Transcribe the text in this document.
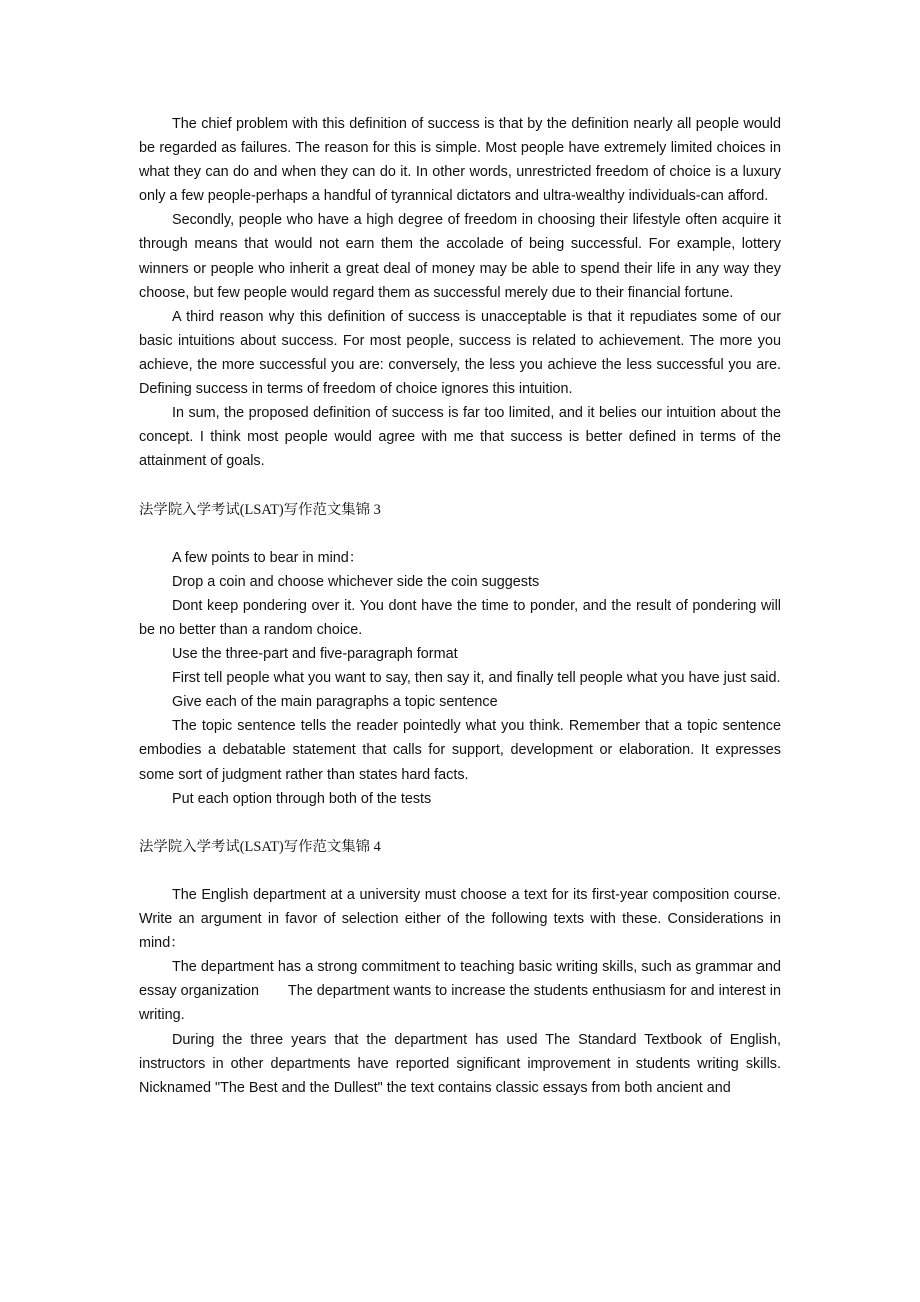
The chief problem with this definition of success is that by the definition nearly all people would be regarded as failures. The reason for this is simple. Most people have extremely limited choices in what they can do and when they can do it. In other words, unrestricted freedom of choice is a luxury only a few people-perhaps a handful of tyrannical dictators and ultra-wealthy individuals-can afford.

Secondly, people who have a high degree of freedom in choosing their lifestyle often acquire it through means that would not earn them the accolade of being successful. For example, lottery winners or people who inherit a great deal of money may be able to spend their life in any way they choose, but few people would regard them as successful merely due to their financial fortune.

A third reason why this definition of success is unacceptable is that it repudiates some of our basic intuitions about success. For most people, success is related to achievement. The more you achieve, the more successful you are: conversely, the less you achieve the less successful you are. Defining success in terms of freedom of choice ignores this intuition.

In sum, the proposed definition of success is far too limited, and it belies our intuition about the concept. I think most people would agree with me that success is better defined in terms of the attainment of goals.

法学院入学考试(LSAT)写作范文集锦 3

A few points to bear in mind：

Drop a coin and choose whichever side the coin suggests

Dont keep pondering over it. You dont have the time to ponder, and the result of pondering will be no better than a random choice.

Use the three-part and five-paragraph format

First tell people what you want to say, then say it, and finally tell people what you have just said.

Give each of the main paragraphs a topic sentence

The topic sentence tells the reader pointedly what you think. Remember that a topic sentence embodies a debatable statement that calls for support, development or elaboration. It expresses some sort of judgment rather than states hard facts.

Put each option through both of the tests

法学院入学考试(LSAT)写作范文集锦 4

The English department at a university must choose a text for its first-year composition course. Write an argument in favor of selection either of the following texts with these. Considerations in mind：

The department has a strong commitment to teaching basic writing skills, such as grammar and essay organization　　The department wants to increase the students enthusiasm for and interest in writing.

During the three years that the department has used The Standard Textbook of English, instructors in other departments have reported significant improvement in students writing skills. Nicknamed "The Best and the Dullest" the text contains classic essays from both ancient and
